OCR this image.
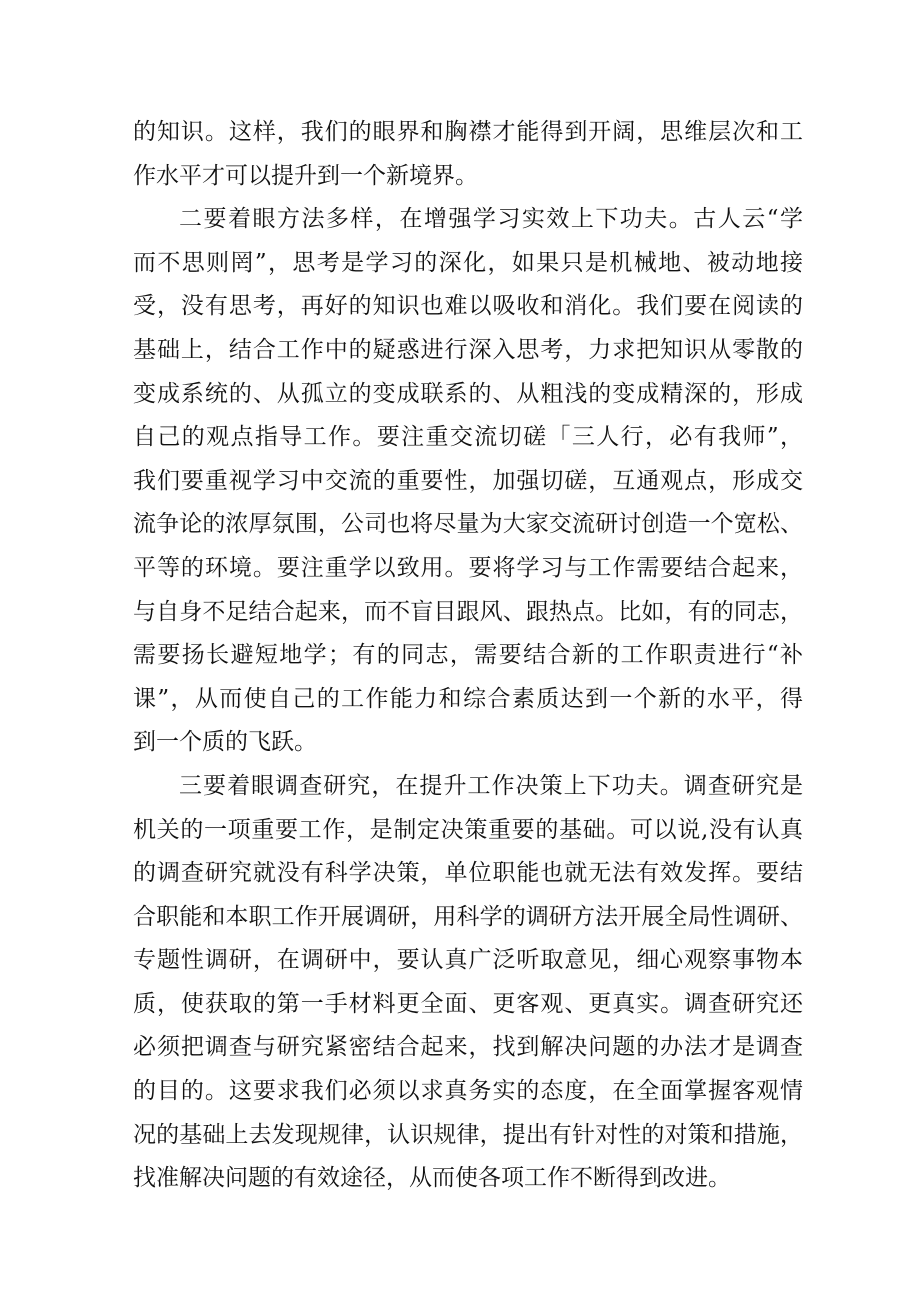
的知识。这样，我们的眼界和胸襟才能得到开阔，思维层次和工
作水平才可以提升到一个新境界。
二要着眼方法多样，在增强学习实效上下功夫。古人云“学
而不思则罔”，思考是学习的深化，如果只是机械地、被动地接
受，没有思考，再好的知识也难以吸收和消化。我们要在阅读的
基础上，结合工作中的疑惑进行深入思考，力求把知识从零散的
变成系统的、从孤立的变成联系的、从粗浅的变成精深的，形成
自己的观点指导工作。要注重交流切磋「三人行，必有我师”，
我们要重视学习中交流的重要性，加强切磋，互通观点，形成交
流争论的浓厚氛围，公司也将尽量为大家交流研讨创造一个宽松、
平等的环境。要注重学以致用。要将学习与工作需要结合起来，
与自身不足结合起来，而不盲目跟风、跟热点。比如，有的同志，
需要扬长避短地学；有的同志，需要结合新的工作职责进行“补
课”，从而使自己的工作能力和综合素质达到一个新的水平，得
到一个质的飞跃。
三要着眼调查研究，在提升工作决策上下功夫。调查研究是
机关的一项重要工作，是制定决策重要的基础。可以说,没有认真
的调查研究就没有科学决策，单位职能也就无法有效发挥。要结
合职能和本职工作开展调研，用科学的调研方法开展全局性调研、
专题性调研，在调研中，要认真广泛听取意见，细心观察事物本
质，使获取的第一手材料更全面、更客观、更真实。调查研究还
必须把调查与研究紧密结合起来，找到解决问题的办法才是调查
的目的。这要求我们必须以求真务实的态度，在全面掌握客观情
况的基础上去发现规律，认识规律，提出有针对性的对策和措施，
找准解决问题的有效途径，从而使各项工作不断得到改进。
